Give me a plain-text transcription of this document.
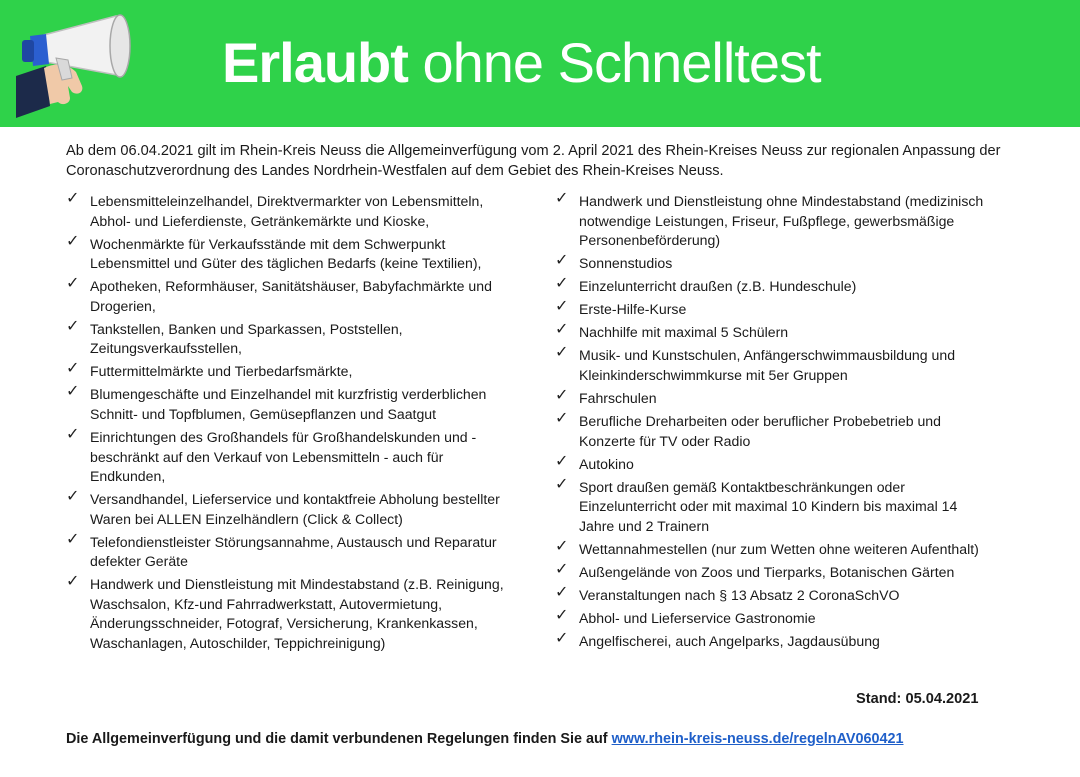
Erlaubt ohne Schnelltest
Ab dem 06.04.2021 gilt im Rhein-Kreis Neuss die Allgemeinverfügung vom 2. April 2021 des Rhein-Kreises Neuss zur regionalen Anpassung der Coronaschutzverordnung des Landes Nordrhein-Westfalen auf dem Gebiet des Rhein-Kreises Neuss.
✓ Lebensmitteleinzelhandel, Direktvermarkter von Lebensmitteln, Abhol- und Lieferdienste, Getränkemärkte und Kioske,
✓ Wochenmärkte für Verkaufsstände mit dem Schwerpunkt Lebensmittel und Güter des täglichen Bedarfs (keine Textilien),
✓ Apotheken, Reformhäuser, Sanitätshäuser, Babyfachmärkte und Drogerien,
✓ Tankstellen, Banken und Sparkassen, Poststellen, Zeitungsverkaufsstellen,
✓ Futtermittelmärkte und Tierbedarfsmärkte,
✓ Blumengeschäfte und Einzelhandel mit kurzfristig verderblichen Schnitt- und Topfblumen, Gemüsepflanzen und Saatgut
✓ Einrichtungen des Großhandels für Großhandelskunden und - beschränkt auf den Verkauf von Lebensmitteln - auch für Endkunden,
✓ Versandhandel, Lieferservice und kontaktfreie Abholung bestellter Waren bei ALLEN Einzelhändlern (Click & Collect)
✓ Telefondienstleister Störungsannahme, Austausch und Reparatur defekter Geräte
✓ Handwerk und Dienstleistung mit Mindestabstand (z.B. Reinigung, Waschsalon, Kfz-und Fahrradwerkstatt, Autovermietung, Änderungsschneider, Fotograf, Versicherung, Krankenkassen, Waschanlagen, Autoschilder, Teppichreinigung)
✓ Handwerk und Dienstleistung ohne Mindestabstand (medizinisch notwendige Leistungen, Friseur, Fußpflege, gewerbsmäßige Personenbeförderung)
✓ Sonnenstudios
✓ Einzelunterricht draußen (z.B. Hundeschule)
✓ Erste-Hilfe-Kurse
✓ Nachhilfe mit maximal 5 Schülern
✓ Musik- und Kunstschulen, Anfängerschwimmausbildung und Kleinkinderschwimmkurse mit 5er Gruppen
✓ Fahrschulen
✓ Berufliche Dreharbeiten oder beruflicher Probebetrieb und Konzerte für TV oder Radio
✓ Autokino
✓ Sport draußen gemäß Kontaktbeschränkungen oder Einzelunterricht oder mit maximal 10 Kindern bis maximal 14 Jahre und 2 Trainern
✓ Wettannahmestellen (nur zum Wetten ohne weiteren Aufenthalt)
✓ Außengelände von Zoos und Tierparks, Botanischen Gärten
✓ Veranstaltungen nach § 13 Absatz 2 CoronaSchVO
✓ Abhol- und Lieferservice Gastronomie
✓ Angelfischerei, auch Angelparks, Jagdausübung
Stand: 05.04.2021
Die Allgemeinverfügung und die damit verbundenen Regelungen finden Sie auf www.rhein-kreis-neuss.de/regelnAV060421
